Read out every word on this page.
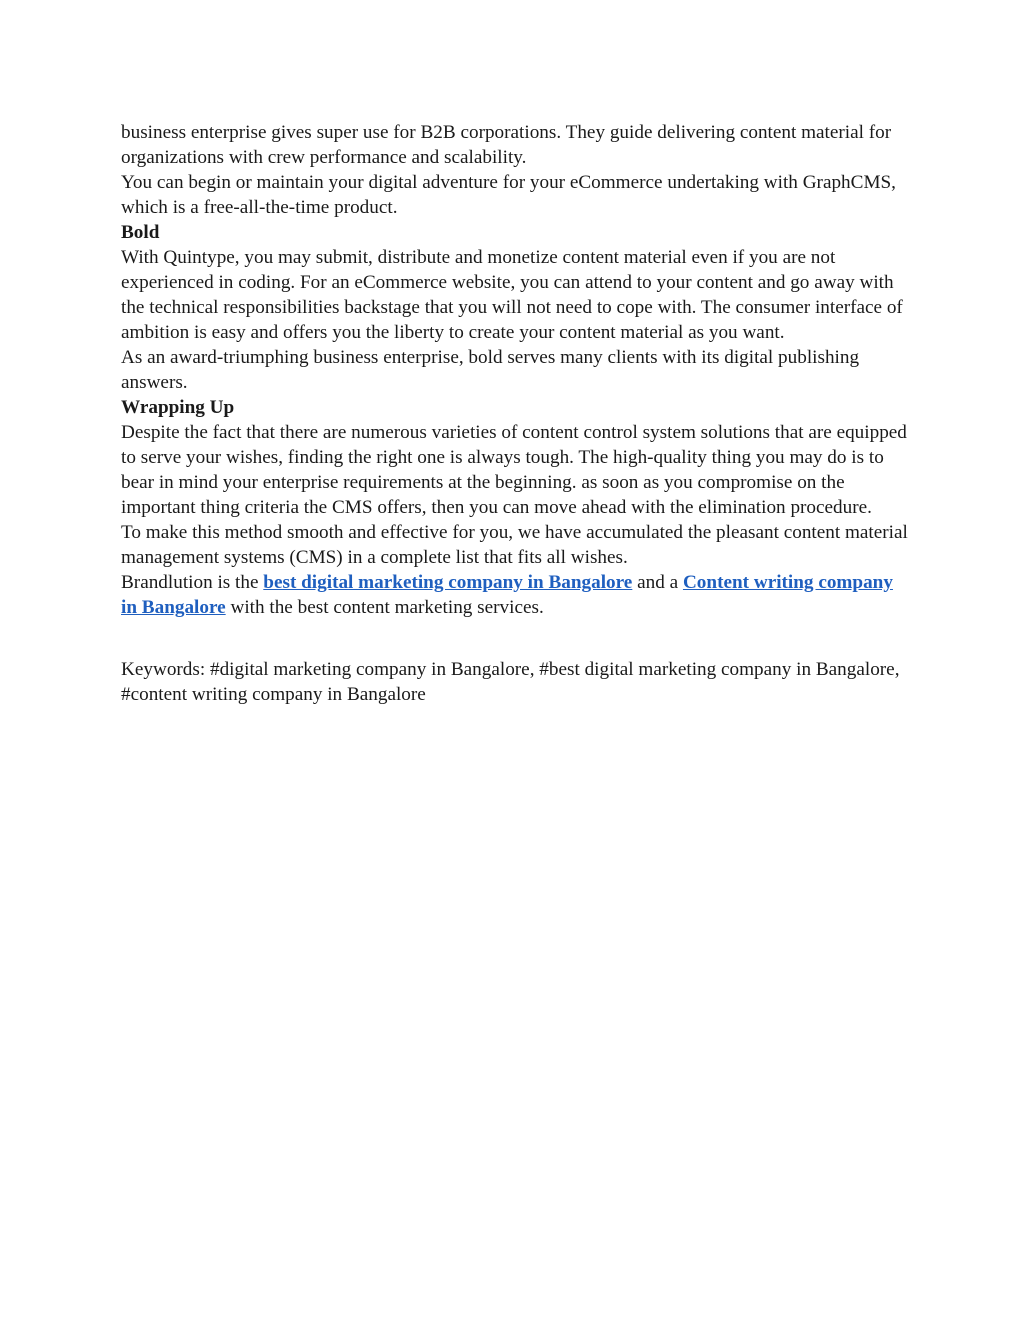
business enterprise gives super use for B2B corporations. They guide delivering content material for organizations with crew performance and scalability.

You can begin or maintain your digital adventure for your eCommerce undertaking with GraphCMS, which is a free-all-the-time product.

Bold

With Quintype, you may submit, distribute and monetize content material even if you are not experienced in coding. For an eCommerce website, you can attend to your content and go away with the technical responsibilities backstage that you will not need to cope with. The consumer interface of ambition is easy and offers you the liberty to create your content material as you want.

As an award-triumphing business enterprise, bold serves many clients with its digital publishing answers.

Wrapping Up

Despite the fact that there are numerous varieties of content control system solutions that are equipped to serve your wishes, finding the right one is always tough. The high-quality thing you may do is to bear in mind your enterprise requirements at the beginning. as soon as you compromise on the important thing criteria the CMS offers, then you can move ahead with the elimination procedure.

To make this method smooth and effective for you, we have accumulated the pleasant content material management systems (CMS) in a complete list that fits all wishes.

Brandlution is the best digital marketing company in Bangalore and a Content writing company in Bangalore with the best content marketing services.

Keywords: #digital marketing company in Bangalore, #best digital marketing company in Bangalore, #content writing company in Bangalore
